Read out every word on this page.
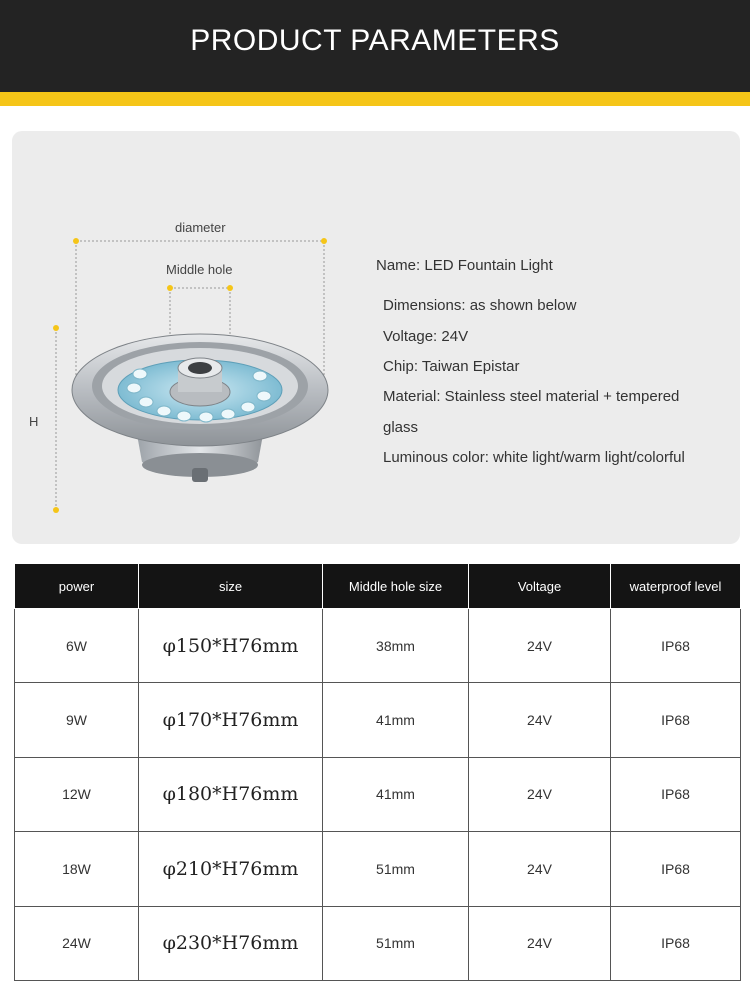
PRODUCT PARAMETERS
diameter
Middle hole
H
Name: LED Fountain Light
Dimensions: as shown below
Voltage: 24V
Chip: Taiwan Epistar
Material: Stainless steel material + tempered
glass
Luminous color: white light/warm light/colorful
power	size	Middle hole size	Voltage	waterproof level
6W	φ150*H76mm	38mm	24V	IP68
9W	φ170*H76mm	41mm	24V	IP68
12W	φ180*H76mm	41mm	24V	IP68
18W	φ210*H76mm	51mm	24V	IP68
24W	φ230*H76mm	51mm	24V	IP68
